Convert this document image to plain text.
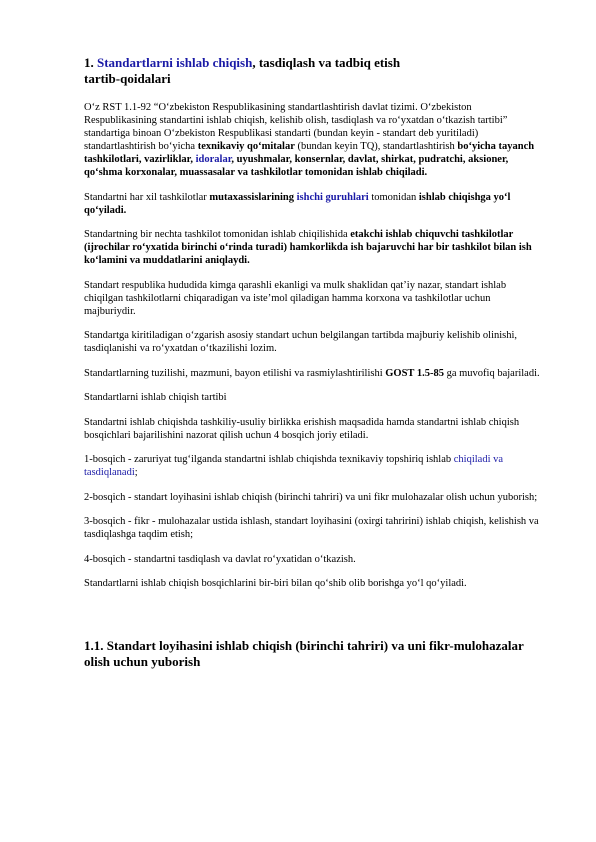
1. Standartlarni ishlab chiqish, tasdiqlash va tadbiq etish
tartib-qoidalari

O‘z RST 1.1-92 “O‘zbekiston Respublikasining standartlashtirish davlat tizimi. O‘zbekiston Respublikasining standartini ishlab chiqish, kelishib olish, tasdiqlash va ro‘yxatdan o‘tkazish tartibi” standartiga binoan O‘zbekiston Respublikasi standarti (bundan keyin - standart deb yuritiladi) standartlashtirish bo‘yicha texnikaviy qo‘mitalar (bundan keyin TQ), standartlashtirish bo‘yicha tayanch tashkilotlari, vazirliklar, idoralar, uyushmalar, konsernlar, davlat, shirkat, pudratchi, aksioner, qo‘shma korxonalar, muassasalar va tashkilotlar tomonidan ishlab chiqiladi.

Standartni har xil tashkilotlar mutaxassislarining ishchi guruhlari tomonidan ishlab chiqishga yo‘l qo‘yiladi.

Standartning bir nechta tashkilot tomonidan ishlab chiqilishida etakchi ishlab chiquvchi tashkilotlar (ijrochilar ro‘yxatida birinchi o‘rinda turadi) hamkorlikda ish bajaruvchi har bir tashkilot bilan ish ko‘lamini va muddatlarini aniqlaydi.

Standart respublika hududida kimga qarashli ekanligi va mulk shaklidan qat’iy nazar, standart ishlab chiqilgan tashkilotlarni chiqaradigan va iste’mol qiladigan hamma korxona va tashkilotlar uchun majburiydir.

Standartga kiritiladigan o‘zgarish asosiy standart uchun belgilangan tartibda majburiy kelishib olinishi, tasdiqlanishi va ro‘yxatdan o‘tkazilishi lozim.

Standartlarning tuzilishi, mazmuni, bayon etilishi va rasmiylashtirilishi GOST 1.5-85 ga muvofiq bajariladi.

Standartlarni ishlab chiqish tartibi

Standartni ishlab chiqishda tashkiliy-usuliy birlikka erishish maqsadida hamda standartni ishlab chiqish bosqichlari bajarilishini nazorat qilish uchun 4 bosqich joriy etiladi.

1-bosqich - zaruriyat tug‘ilganda standartni ishlab chiqishda texnikaviy topshiriq ishlab chiqiladi va tasdiqlanadi;

2-bosqich - standart loyihasini ishlab chiqish (birinchi tahriri) va uni fikr mulohazalar olish uchun yuborish;

3-bosqich - fikr - mulohazalar ustida ishlash, standart loyihasini (oxirgi tahririni) ishlab chiqish, kelishish va tasdiqlashga taqdim etish;

4-bosqich - standartni tasdiqlash va davlat ro‘yxatidan o‘tkazish.

Standartlarni ishlab chiqish bosqichlarini bir-biri bilan qo‘shib olib borishga yo‘l qo‘yiladi.

1.1. Standart loyihasini ishlab chiqish (birinchi tahriri) va uni fikr-mulohazalar olish uchun yuborish
